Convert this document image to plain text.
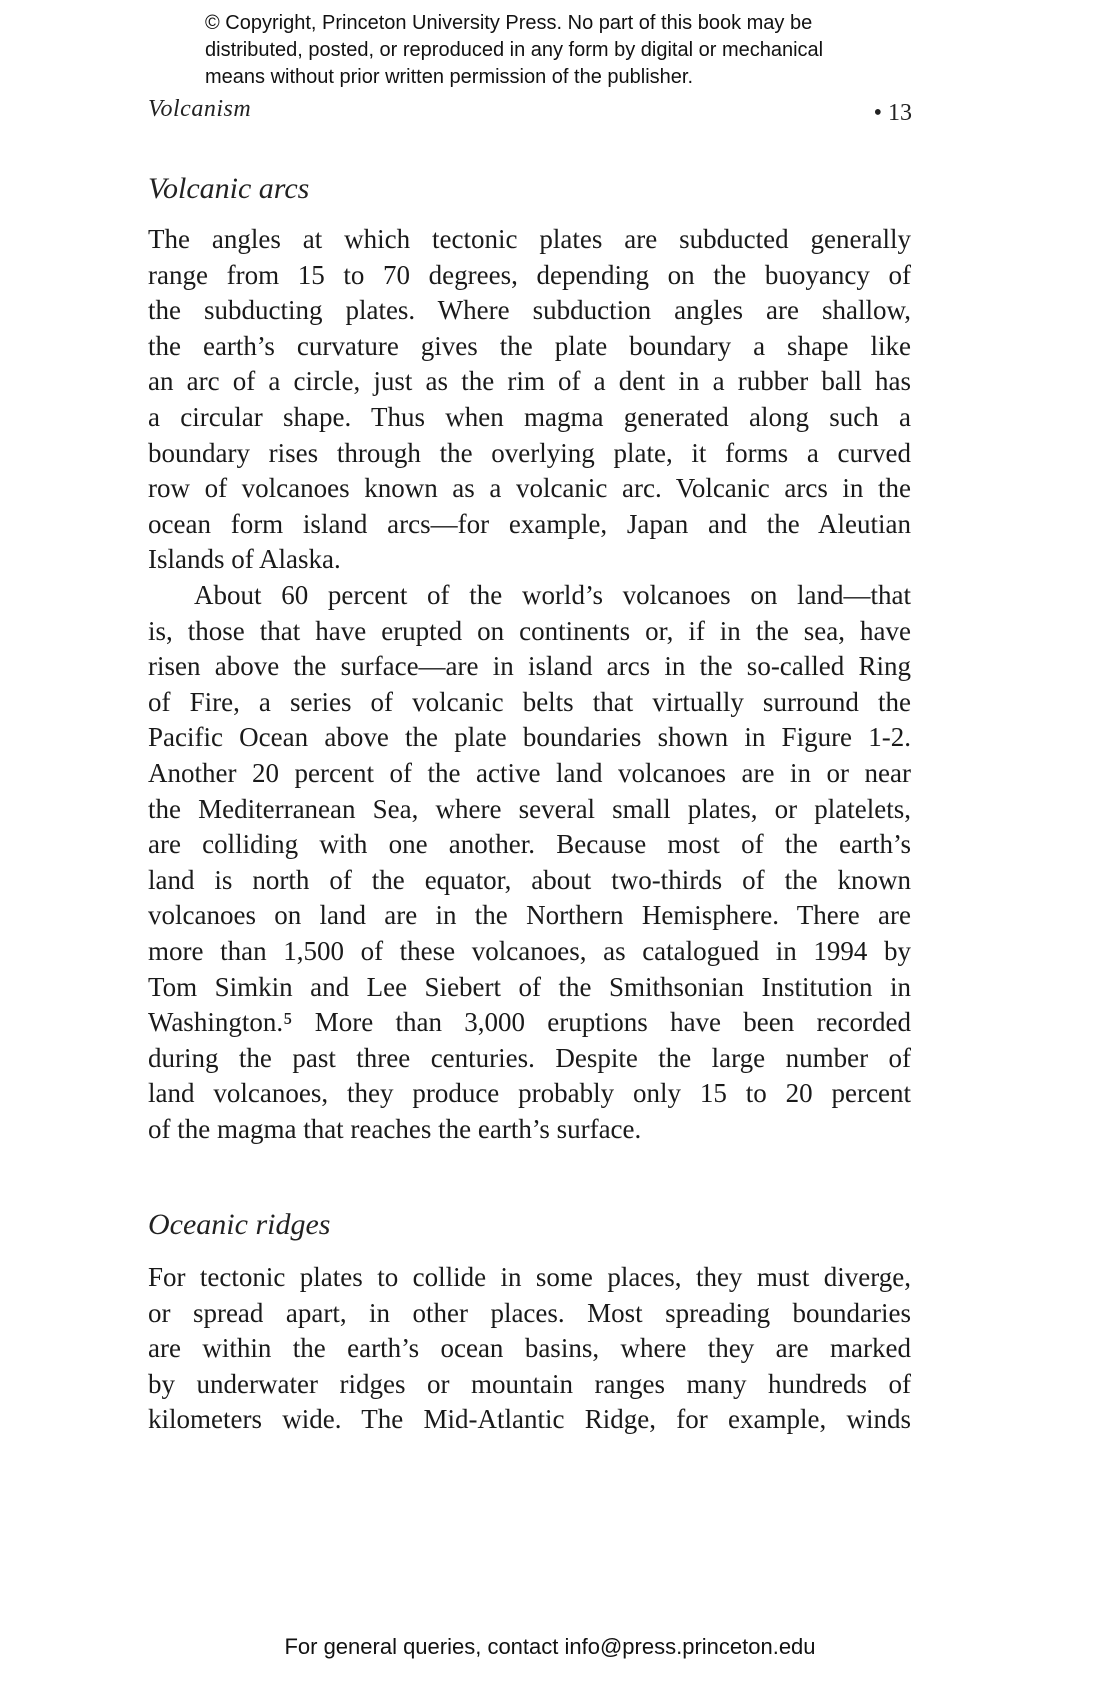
© Copyright, Princeton University Press. No part of this book may be
distributed, posted, or reproduced in any form by digital or mechanical
means without prior written permission of the publisher.
Volcanism	• 13
Volcanic arcs
The angles at which tectonic plates are subducted generally
range from 15 to 70 degrees, depending on the buoyancy of
the subducting plates. Where subduction angles are shallow,
the earth’s curvature gives the plate boundary a shape like
an arc of a circle, just as the rim of a dent in a rubber ball has
a circular shape. Thus when magma generated along such a
boundary rises through the overlying plate, it forms a curved
row of volcanoes known as a volcanic arc. Volcanic arcs in the
ocean form island arcs—for example, Japan and the Aleutian
Islands of Alaska.
About 60 percent of the world’s volcanoes on land—that
is, those that have erupted on continents or, if in the sea, have
risen above the surface—are in island arcs in the so-called Ring
of Fire, a series of volcanic belts that virtually surround the
Pacific Ocean above the plate boundaries shown in Figure 1-2.
Another 20 percent of the active land volcanoes are in or near
the Mediterranean Sea, where several small plates, or platelets,
are colliding with one another. Because most of the earth’s
land is north of the equator, about two-thirds of the known
volcanoes on land are in the Northern Hemisphere. There are
more than 1,500 of these volcanoes, as catalogued in 1994 by
Tom Simkin and Lee Siebert of the Smithsonian Institution in
Washington.⁵ More than 3,000 eruptions have been recorded
during the past three centuries. Despite the large number of
land volcanoes, they produce probably only 15 to 20 percent
of the magma that reaches the earth’s surface.
Oceanic ridges
For tectonic plates to collide in some places, they must diverge,
or spread apart, in other places. Most spreading boundaries
are within the earth’s ocean basins, where they are marked
by underwater ridges or mountain ranges many hundreds of
kilometers wide. The Mid-Atlantic Ridge, for example, winds
For general queries, contact info@press.princeton.edu
